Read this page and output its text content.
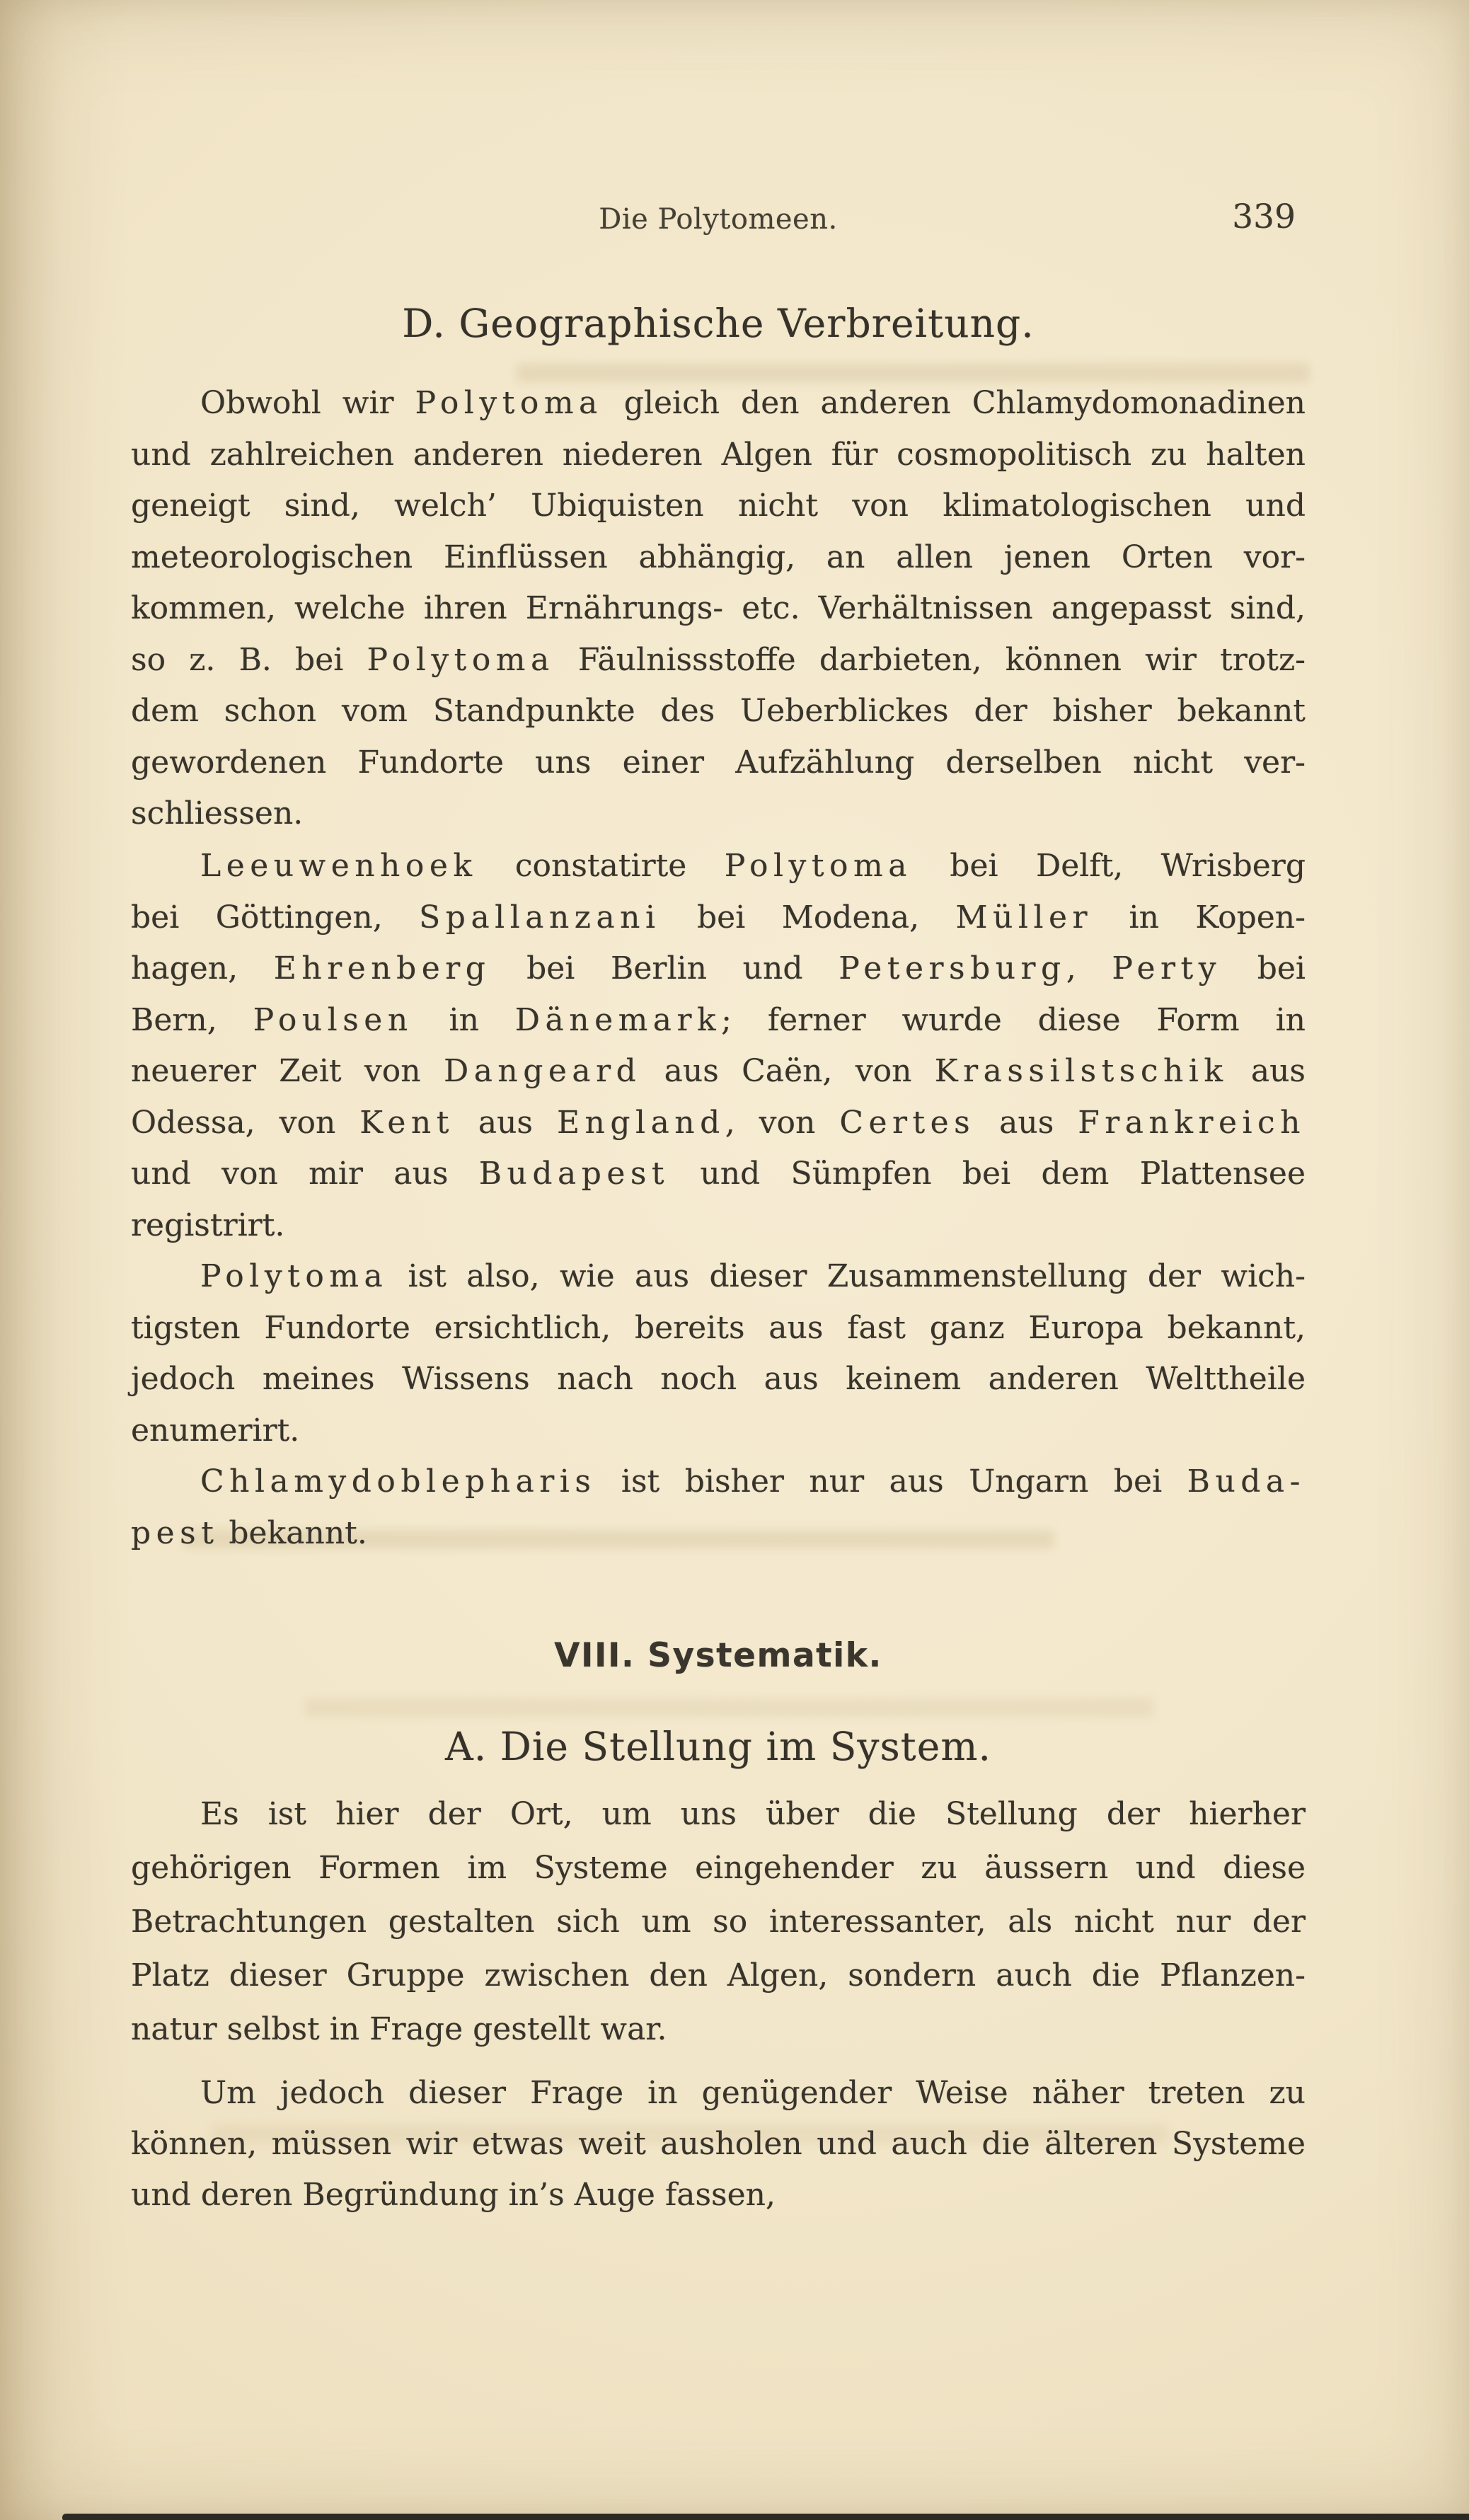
Die Polytomeen.	339
D. Geographische Verbreitung.
Obwohl wir Polytoma gleich den anderen Chlamydomonadinen
und zahlreichen anderen niederen Algen für cosmopolitisch zu halten
geneigt sind, welch’ Ubiquisten nicht von klimatologischen und
meteorologischen Einflüssen abhängig, an allen jenen Orten vor-
kommen, welche ihren Ernährungs- etc. Verhältnissen angepasst sind,
so z. B. bei Polytoma Fäulnissstoffe darbieten, können wir trotz-
dem schon vom Standpunkte des Ueberblickes der bisher bekannt
gewordenen Fundorte uns einer Aufzählung derselben nicht ver-
schliessen.
Leeuwenhoek constatirte Polytoma bei Delft, Wrisberg
bei Göttingen, Spallanzani bei Modena, Müller in Kopen-
hagen, Ehrenberg bei Berlin und Petersburg, Perty bei
Bern, Poulsen in Dänemark; ferner wurde diese Form in
neuerer Zeit von Dangeard aus Caën, von Krassilstschik aus
Odessa, von Kent aus England, von Certes aus Frankreich
und von mir aus Budapest und Sümpfen bei dem Plattensee
registrirt.
Polytoma ist also, wie aus dieser Zusammenstellung der wich-
tigsten Fundorte ersichtlich, bereits aus fast ganz Europa bekannt,
jedoch meines Wissens nach noch aus keinem anderen Welttheile
enumerirt.
Chlamydoblepharis ist bisher nur aus Ungarn bei Buda-
pest bekannt.
VIII. Systematik.
A. Die Stellung im System.
Es ist hier der Ort, um uns über die Stellung der hierher
gehörigen Formen im Systeme eingehender zu äussern und diese
Betrachtungen gestalten sich um so interessanter, als nicht nur der
Platz dieser Gruppe zwischen den Algen, sondern auch die Pflanzen-
natur selbst in Frage gestellt war.
Um jedoch dieser Frage in genügender Weise näher treten zu
können, müssen wir etwas weit ausholen und auch die älteren Systeme
und deren Begründung in’s Auge fassen,
